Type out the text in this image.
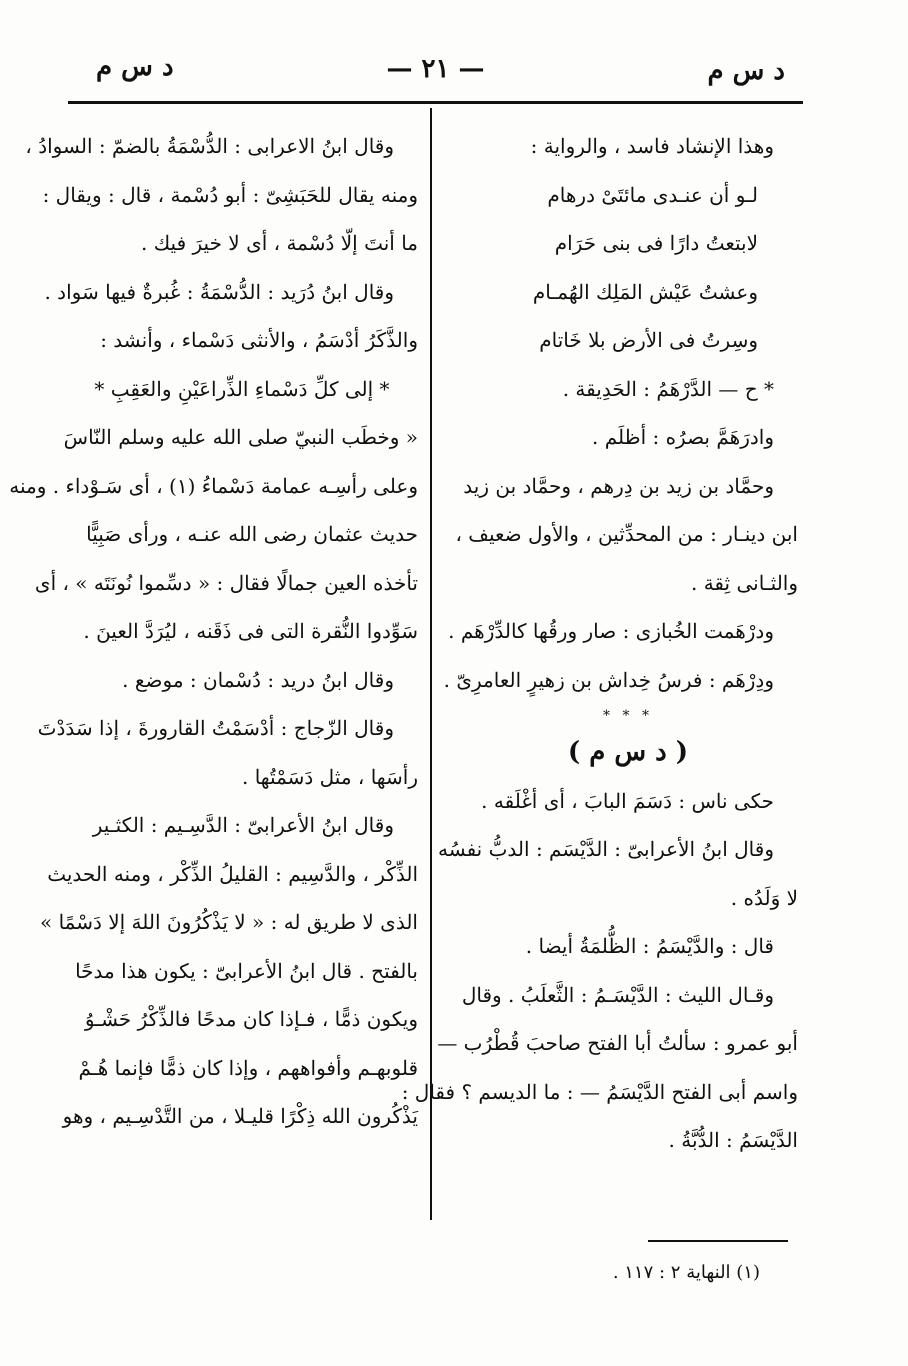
د س م
— ٢١ —
د س م
وهذا الإنشاد فاسد ، والرواية :
لـو أن عنـدى مائتَىْ درهام
لابتعتُ دارًا فى بنى حَرَام
وعشتُ عَيْش المَلِك الهُمـام
وسِرتُ فى الأرض بلا خَاتام
* ح — الدَّرْهَمُ : الحَدِيقة .
وادرَهَمَّ بصرُه : أظلَم .
وحمَّاد بن زيد بن دِرهم ، وحمَّاد بن زيد
ابن دينـار : من المحدِّثين ، والأول ضعيف ،
والثـانى ثِقة .
ودرْهَمت الخُبازى : صار ورقُها كالدِّرْهَم .
ودِرْهَم : فرسُ خِداش بن زهيرٍ العامرِىّ .
* * *
( د س م )
حكى ناس : دَسَمَ البابَ ، أى أغْلَقه .
وقال ابنُ الأعرابىّ : الدَّيْسَم : الدبُّ نفسُه
لا وَلَدُه .
قال : والدَّيْسَمُ : الظُّلمَةُ أيضا .
وقـال الليث : الدَّيْسَـمُ : الثَّعلَبُ . وقال
أبو عمرو : سألتُ أبا الفتح صاحبَ قُطْرُب —
واسم أبى الفتح الدَّيْسَمُ — : ما الديسم ؟ فقال :
الدَّيْسَمُ : الدُّبَّةُ .
وقال ابنُ الاعرابى : الدُّسْمَةُ بالضمّ : السوادُ ،
ومنه يقال للحَبَشِىّ : أبو دُسْمة ، قال : ويقال :
ما أنتَ إلّا دُسْمة ، أى لا خيرَ فيك .
وقال ابنُ دُرَيد : الدُّسْمَةُ : غُبرةٌ فيها سَواد .
والذَّكَرُ أدْسَمُ ، والأنثى دَسْماء ، وأنشد :
* إلى كلِّ دَسْماءِ الذِّراعَيْنِ والعَقِبِ *
« وخطَب النبيّ صلى الله عليه وسلم النّاسَ
وعلى رأسِـه عمامة دَسْماءُ (١) ، أى سَـوْداء . ومنه
حديث عثمان رضى الله عنـه ، ورأى صَبِيًّا
تأخذه العين جمالًا فقال : « دسِّموا نُونَتَه » ، أى
سَوِّدوا النُّقرة التى فى ذَقَنه ، ليُرَدَّ العينَ .
وقال ابنُ دريد : دُسْمان : موضع .
وقال الزّجاج : أدْسَمْتُ القارورةَ ، إذا سَدَدْتَ
رأسَها ، مثل دَسَمْتُها .
وقال ابنُ الأعرابىّ : الدَّسِـيم : الكثـير
الذِّكْر ، والدَّسِيم : القليلُ الذِّكْر ، ومنه الحديث
الذى لا طريق له : « لا يَذْكُرُونَ اللهَ إلا دَسْمًا »
بالفتح . قال ابنُ الأعرابىّ : يكون هذا مدحًا
ويكون ذمًّا ، فـإذا كان مدحًا فالذِّكْرُ حَشْـوُ
قلوبهـم وأفواههم ، وإذا كان ذمًّا فإنما هُـمْ
يَذْكُرون الله ذِكْرًا قليـلا ، من التَّدْسِـيم ، وهو
(١) النهاية ٢ : ١١٧ .
